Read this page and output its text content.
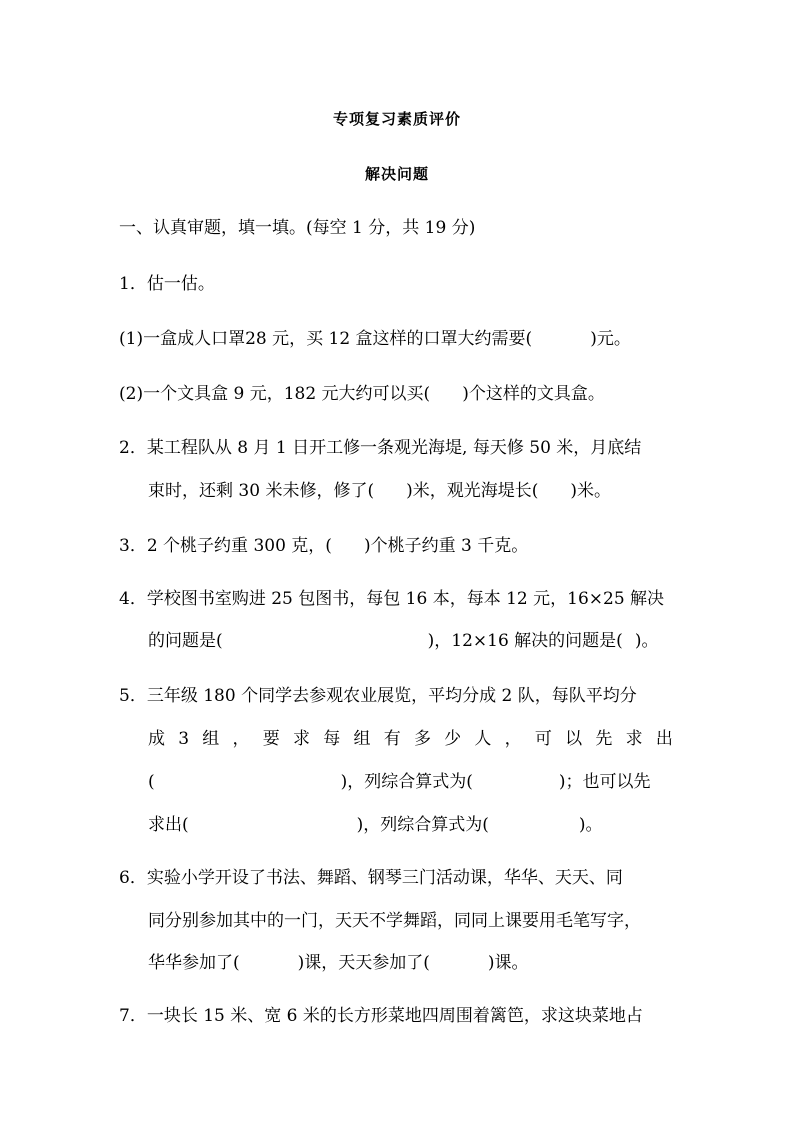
专项复习素质评价
解决问题
一、认真审题，填一填。(每空 1 分，共 19 分)
1．估一估。
(1)一盒成人口罩28 元，买 12 盒这样的口罩大约需要(	)元。
(2)一个文具盒 9 元，182 元大约可以买( )个这样的文具盒。
2．某工程队从 8 月 1 日开工修一条观光海堤, 每天修 50 米，月底结
束时，还剩 30 米未修，修了( )米，观光海堤长( )米。
3．2 个桃子约重 300 克，( )个桃子约重 3 千克。
4．学校图书室购进 25 包图书，每包 16 本，每本 12 元，16×25 解决
的问题是(	)，12×16 解决的问题是( )。
5．三年级 180 个同学去参观农业展览，平均分成 2 队，每队平均分
成 3 组 ， 要 求 每 组 有 多 少 人 ， 可 以 先 求 出
(	)，列综合算式为(	)；也可以先
求出(	)，列综合算式为(	)。
6．实验小学开设了书法、舞蹈、钢琴三门活动课，华华、天天、同
同分别参加其中的一门，天天不学舞蹈，同同上课要用毛笔写字，
华华参加了(	)课，天天参加了(	)课。
7．一块长 15 米、宽 6 米的长方形菜地四周围着篱笆，求这块菜地占
